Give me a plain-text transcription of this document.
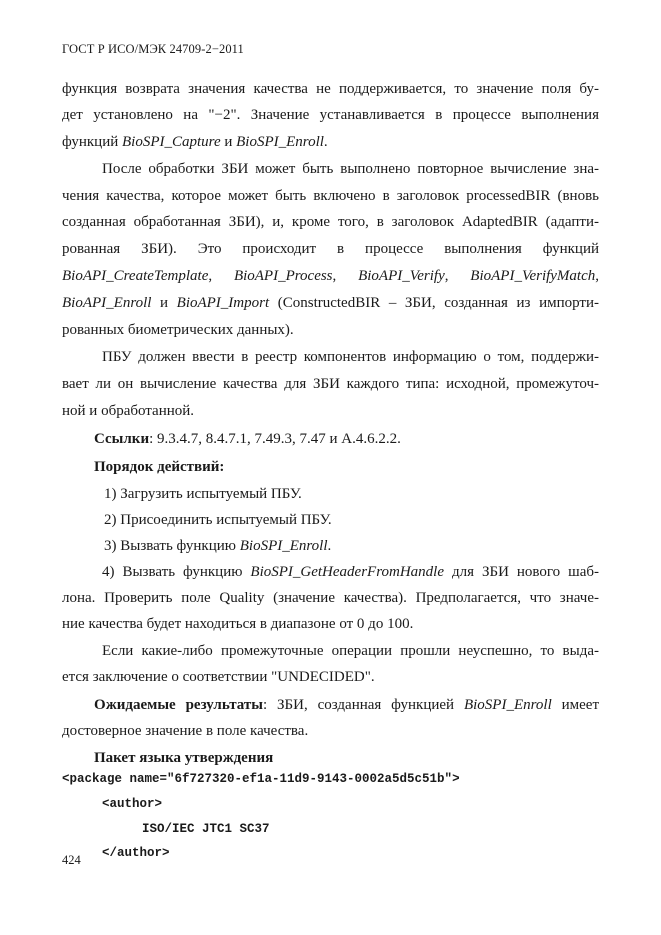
ГОСТ Р ИСО/МЭК 24709-2−2011
функция возврата значения качества не поддерживается, то значение поля бу-
дет установлено на "−2". Значение устанавливается в процессе выполнения
функций BioSPI_Capture и BioSPI_Enroll.
После обработки ЗБИ может быть выполнено повторное вычисление зна-
чения качества, которое может быть включено в заголовок processedBIR (вновь
созданная обработанная ЗБИ), и, кроме того, в заголовок AdaptedBIR (адапти-
рованная ЗБИ). Это происходит в процессе выполнения функций
BioAPI_CreateTemplate, BioAPI_Process, BioAPI_Verify, BioAPI_VerifyMatch,
BioAPI_Enroll и BioAPI_Import (ConstructedBIR – ЗБИ, созданная из импорти-
рованных биометрических данных).
ПБУ должен ввести в реестр компонентов информацию о том, поддержи-
вает ли он вычисление качества для ЗБИ каждого типа: исходной, промежуточ-
ной и обработанной.
Ссылки: 9.3.4.7, 8.4.7.1, 7.49.3, 7.47 и А.4.6.2.2.
Порядок действий:
1) Загрузить испытуемый ПБУ.
2) Присоединить испытуемый ПБУ.
3) Вызвать функцию BioSPI_Enroll.
4) Вызвать функцию BioSPI_GetHeaderFromHandle для ЗБИ нового шаб-
лона. Проверить поле Quality (значение качества). Предполагается, что значе-
ние качества будет находиться в диапазоне от 0 до 100.
Если какие-либо промежуточные операции прошли неуспешно, то выда-
ется заключение о соответствии "UNDECIDED".
Ожидаемые результаты: ЗБИ, созданная функцией BioSPI_Enroll имеет
достоверное значение в поле качества.
Пакет языка утверждения
<package name="6f727320-ef1a-11d9-9143-0002a5d5c51b">
<author>
ISO/IEC JTC1 SC37
</author>
424
